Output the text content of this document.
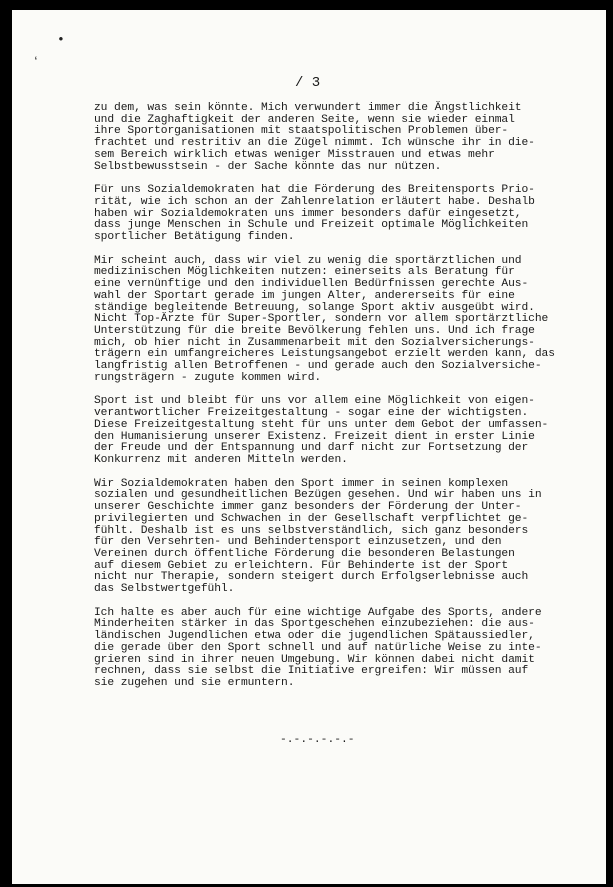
•
ʻ
/ 3

zu dem, was sein könnte. Mich verwundert immer die Ängstlichkeit
und die Zaghaftigkeit der anderen Seite, wenn sie wieder einmal
ihre Sportorganisationen mit staatspolitischen Problemen über-
frachtet und restritiv an die Zügel nimmt. Ich wünsche ihr in die-
sem Bereich wirklich etwas weniger Misstrauen und etwas mehr
Selbstbewusstsein - der Sache könnte das nur nützen.

Für uns Sozialdemokraten hat die Förderung des Breitensports Prio-
rität, wie ich schon an der Zahlenrelation erläutert habe. Deshalb
haben wir Sozialdemokraten uns immer besonders dafür eingesetzt,
dass junge Menschen in Schule und Freizeit optimale Möglichkeiten
sportlicher Betätigung finden.

Mir scheint auch, dass wir viel zu wenig die sportärztlichen und
medizinischen Möglichkeiten nutzen: einerseits als Beratung für
eine vernünftige und den individuellen Bedürfnissen gerechte Aus-
wahl der Sportart gerade im jungen Alter, andererseits für eine
ständige begleitende Betreuung, solange Sport aktiv ausgeübt wird.
Nicht Top-Ärzte für Super-Sportler, sondern vor allem sportärztliche
Unterstützung für die breite Bevölkerung fehlen uns. Und ich frage
mich, ob hier nicht in Zusammenarbeit mit den Sozialversicherungs-
trägern ein umfangreicheres Leistungsangebot erzielt werden kann, das
langfristig allen Betroffenen - und gerade auch den Sozialversiche-
rungsträgern - zugute kommen wird.

Sport ist und bleibt für uns vor allem eine Möglichkeit von eigen-
verantwortlicher Freizeitgestaltung - sogar eine der wichtigsten.
Diese Freizeitgestaltung steht für uns unter dem Gebot der umfassen-
den Humanisierung unserer Existenz. Freizeit dient in erster Linie
der Freude und der Entspannung und darf nicht zur Fortsetzung der
Konkurrenz mit anderen Mitteln werden.

Wir Sozialdemokraten haben den Sport immer in seinen komplexen
sozialen und gesundheitlichen Bezügen gesehen. Und wir haben uns in
unserer Geschichte immer ganz besonders der Förderung der Unter-
privilegierten und Schwachen in der Gesellschaft verpflichtet ge-
fühlt. Deshalb ist es uns selbstverständlich, sich ganz besonders
für den Versehrten- und Behindertensport einzusetzen, und den
Vereinen durch öffentliche Förderung die besonderen Belastungen
auf diesem Gebiet zu erleichtern. Für Behinderte ist der Sport
nicht nur Therapie, sondern steigert durch Erfolgserlebnisse auch
das Selbstwertgefühl.

Ich halte es aber auch für eine wichtige Aufgabe des Sports, andere
Minderheiten stärker in das Sportgeschehen einzubeziehen: die aus-
ländischen Jugendlichen etwa oder die jugendlichen Spätaussiedler,
die gerade über den Sport schnell und auf natürliche Weise zu inte-
grieren sind in ihrer neuen Umgebung. Wir können dabei nicht damit
rechnen, dass sie selbst die Initiative ergreifen: Wir müssen auf
sie zugehen und sie ermuntern.

-.-.-.-.-.-
